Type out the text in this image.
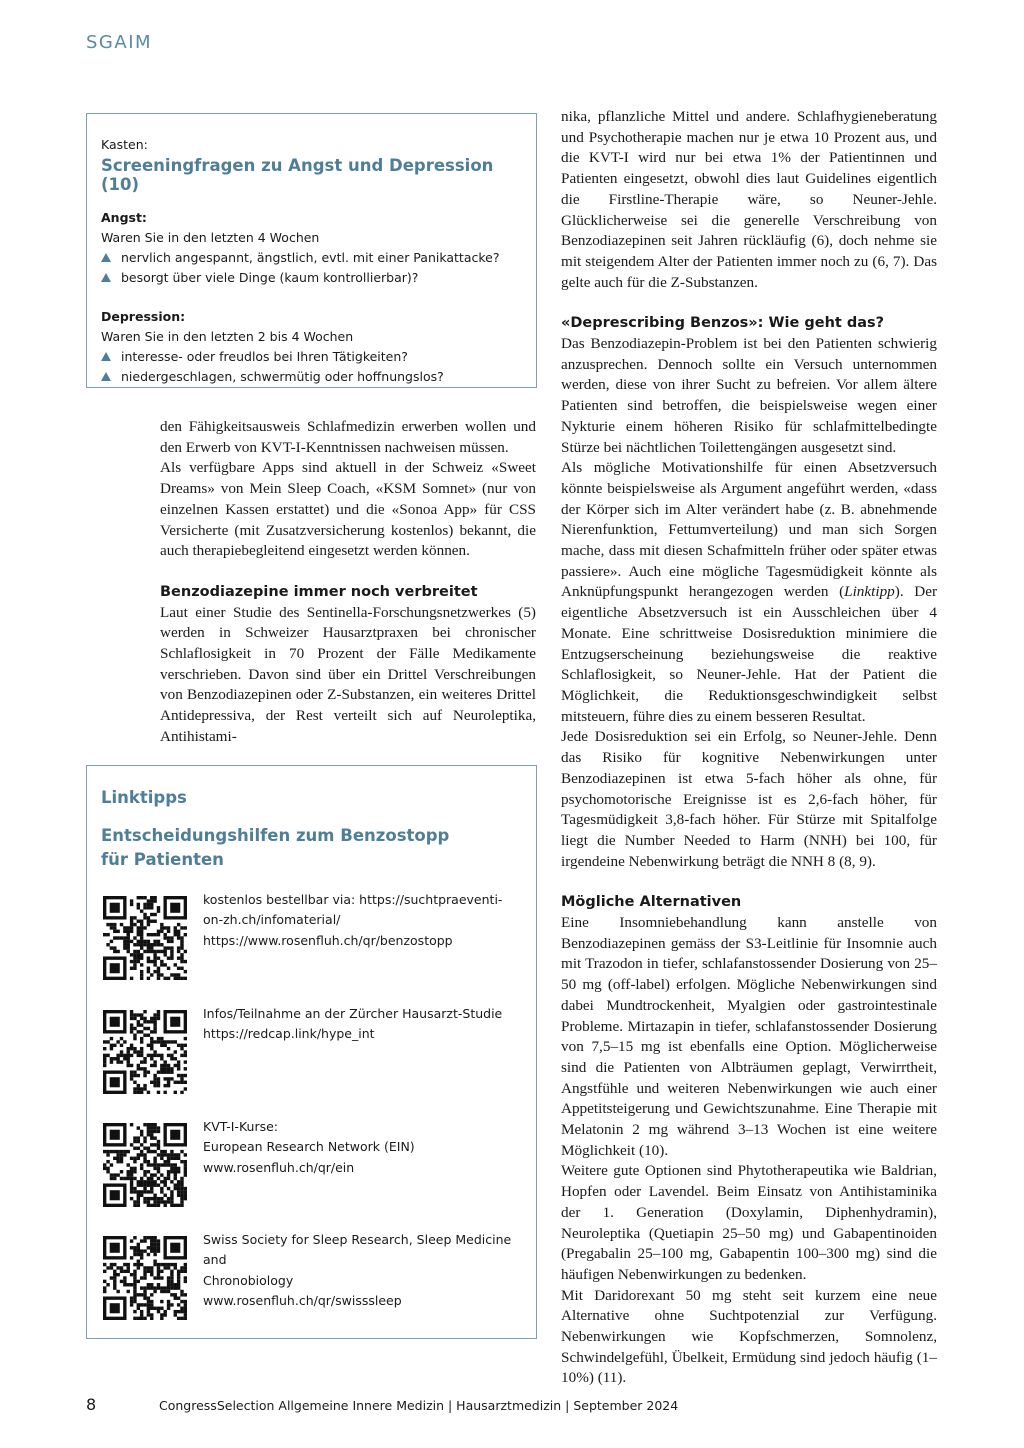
SGAIM
Kasten:
Screeningfragen zu Angst und Depression (10)
Angst:
Waren Sie in den letzten 4 Wochen
nervlich angespannt, ängstlich, evtl. mit einer Panikattacke?
besorgt über viele Dinge (kaum kontrollierbar)?
Depression:
Waren Sie in den letzten 2 bis 4 Wochen
interesse- oder freudlos bei Ihren Tätigkeiten?
niedergeschlagen, schwermütig oder hoffnungslos?

den Fähigkeitsausweis Schlafmedizin erwerben wollen und den Erwerb von KVT-I-Kenntnissen nachweisen müssen.

Als verfügbare Apps sind aktuell in der Schweiz «Sweet Dreams» von Mein Sleep Coach, «KSM Somnet» (nur von einzelnen Kassen erstattet) und die «Sonoa App» für CSS Versicherte (mit Zusatzversicherung kostenlos) bekannt, die auch therapiebegleitend eingesetzt werden können.

Benzodiazepine immer noch verbreitet

Laut einer Studie des Sentinella-Forschungsnetzwerkes (5) werden in Schweizer Hausarztpraxen bei chronischer Schlaflosigkeit in 70 Prozent der Fälle Medikamente verschrieben. Davon sind über ein Drittel Verschreibungen von Benzodiazepinen oder Z-Substanzen, ein weiteres Drittel Antidepressiva, der Rest verteilt sich auf Neuroleptika, Antihistami-

nika, pflanzliche Mittel und andere. Schlafhygieneberatung und Psychotherapie machen nur je etwa 10 Prozent aus, und die KVT-I wird nur bei etwa 1% der Patientinnen und Patienten eingesetzt, obwohl dies laut Guidelines eigentlich die Firstline-Therapie wäre, so Neuner-Jehle. Glücklicherweise sei die generelle Verschreibung von Benzodiazepinen seit Jahren rückläufig (6), doch nehme sie mit steigendem Alter der Patienten immer noch zu (6, 7). Das gelte auch für die Z-Substanzen.

«Deprescribing Benzos»: Wie geht das?

Das Benzodiazepin-Problem ist bei den Patienten schwierig anzusprechen. Dennoch sollte ein Versuch unternommen werden, diese von ihrer Sucht zu befreien. Vor allem ältere Patienten sind betroffen, die beispielsweise wegen einer Nykturie einem höheren Risiko für schlafmittelbedingte Stürze bei nächtlichen Toilettengängen ausgesetzt sind.

Als mögliche Motivationshilfe für einen Absetzversuch könnte beispielsweise als Argument angeführt werden, «dass der Körper sich im Alter verändert habe (z. B. abnehmende Nierenfunktion, Fettumverteilung) und man sich Sorgen mache, dass mit diesen Schafmitteln früher oder später etwas passiere». Auch eine mögliche Tagesmüdigkeit könnte als Anknüpfungspunkt herangezogen werden (Linktipp). Der eigentliche Absetzversuch ist ein Ausschleichen über 4 Monate. Eine schrittweise Dosisreduktion minimiere die Entzugserscheinung beziehungsweise die reaktive Schlaflosigkeit, so Neuner-Jehle. Hat der Patient die Möglichkeit, die Reduktionsgeschwindigkeit selbst mitsteuern, führe dies zu einem besseren Resultat.

Jede Dosisreduktion sei ein Erfolg, so Neuner-Jehle. Denn das Risiko für kognitive Nebenwirkungen unter Benzodiazepinen ist etwa 5-fach höher als ohne, für psychomotorische Ereignisse ist es 2,6-fach höher, für Tagesmüdigkeit 3,8-fach höher. Für Stürze mit Spitalfolge liegt die Number Needed to Harm (NNH) bei 100, für irgendeine Nebenwirkung beträgt die NNH 8 (8, 9).

Mögliche Alternativen

Eine Insomniebehandlung kann anstelle von Benzodiazepinen gemäss der S3-Leitlinie für Insomnie auch mit Trazodon in tiefer, schlafanstossender Dosierung von 25–50 mg (off-label) erfolgen. Mögliche Nebenwirkungen sind dabei Mundtrockenheit, Myalgien oder gastrointestinale Probleme. Mirtazapin in tiefer, schlafanstossender Dosierung von 7,5–15 mg ist ebenfalls eine Option. Möglicherweise sind die Patienten von Albträumen geplagt, Verwirrtheit, Angstfühle und weiteren Nebenwirkungen wie auch einer Appetitsteigerung und Gewichtszunahme. Eine Therapie mit Melatonin 2 mg während 3–13 Wochen ist eine weitere Möglichkeit (10).

Weitere gute Optionen sind Phytotherapeutika wie Baldrian, Hopfen oder Lavendel. Beim Einsatz von Antihistaminika der 1. Generation (Doxylamin, Diphenhydramin), Neuroleptika (Quetiapin 25–50 mg) und Gabapentinoiden (Pregabalin 25–100 mg, Gabapentin 100–300 mg) sind die häufigen Nebenwirkungen zu bedenken.

Mit Daridorexant 50 mg steht seit kurzem eine neue Alternative ohne Suchtpotenzial zur Verfügung. Nebenwirkungen wie Kopfschmerzen, Somnolenz, Schwindelgefühl, Übelkeit, Ermüdung sind jedoch häufig (1–10%) (11).

Linktipps
Entscheidungshilfen zum Benzostopp
für Patienten
kostenlos bestellbar via: https://suchtpraeventi-
on-zh.ch/infomaterial/
https://www.rosenfluh.ch/qr/benzostopp
Infos/Teilnahme an der Zürcher Hausarzt-Studie
https://redcap.link/hype_int
KVT-I-Kurse:
European Research Network (EIN)
www.rosenfluh.ch/qr/ein
Swiss Society for Sleep Research, Sleep Medicine and
Chronobiology
www.rosenfluh.ch/qr/swisssleep
8	CongressSelection Allgemeine Innere Medizin | Hausarztmedizin | September 2024
